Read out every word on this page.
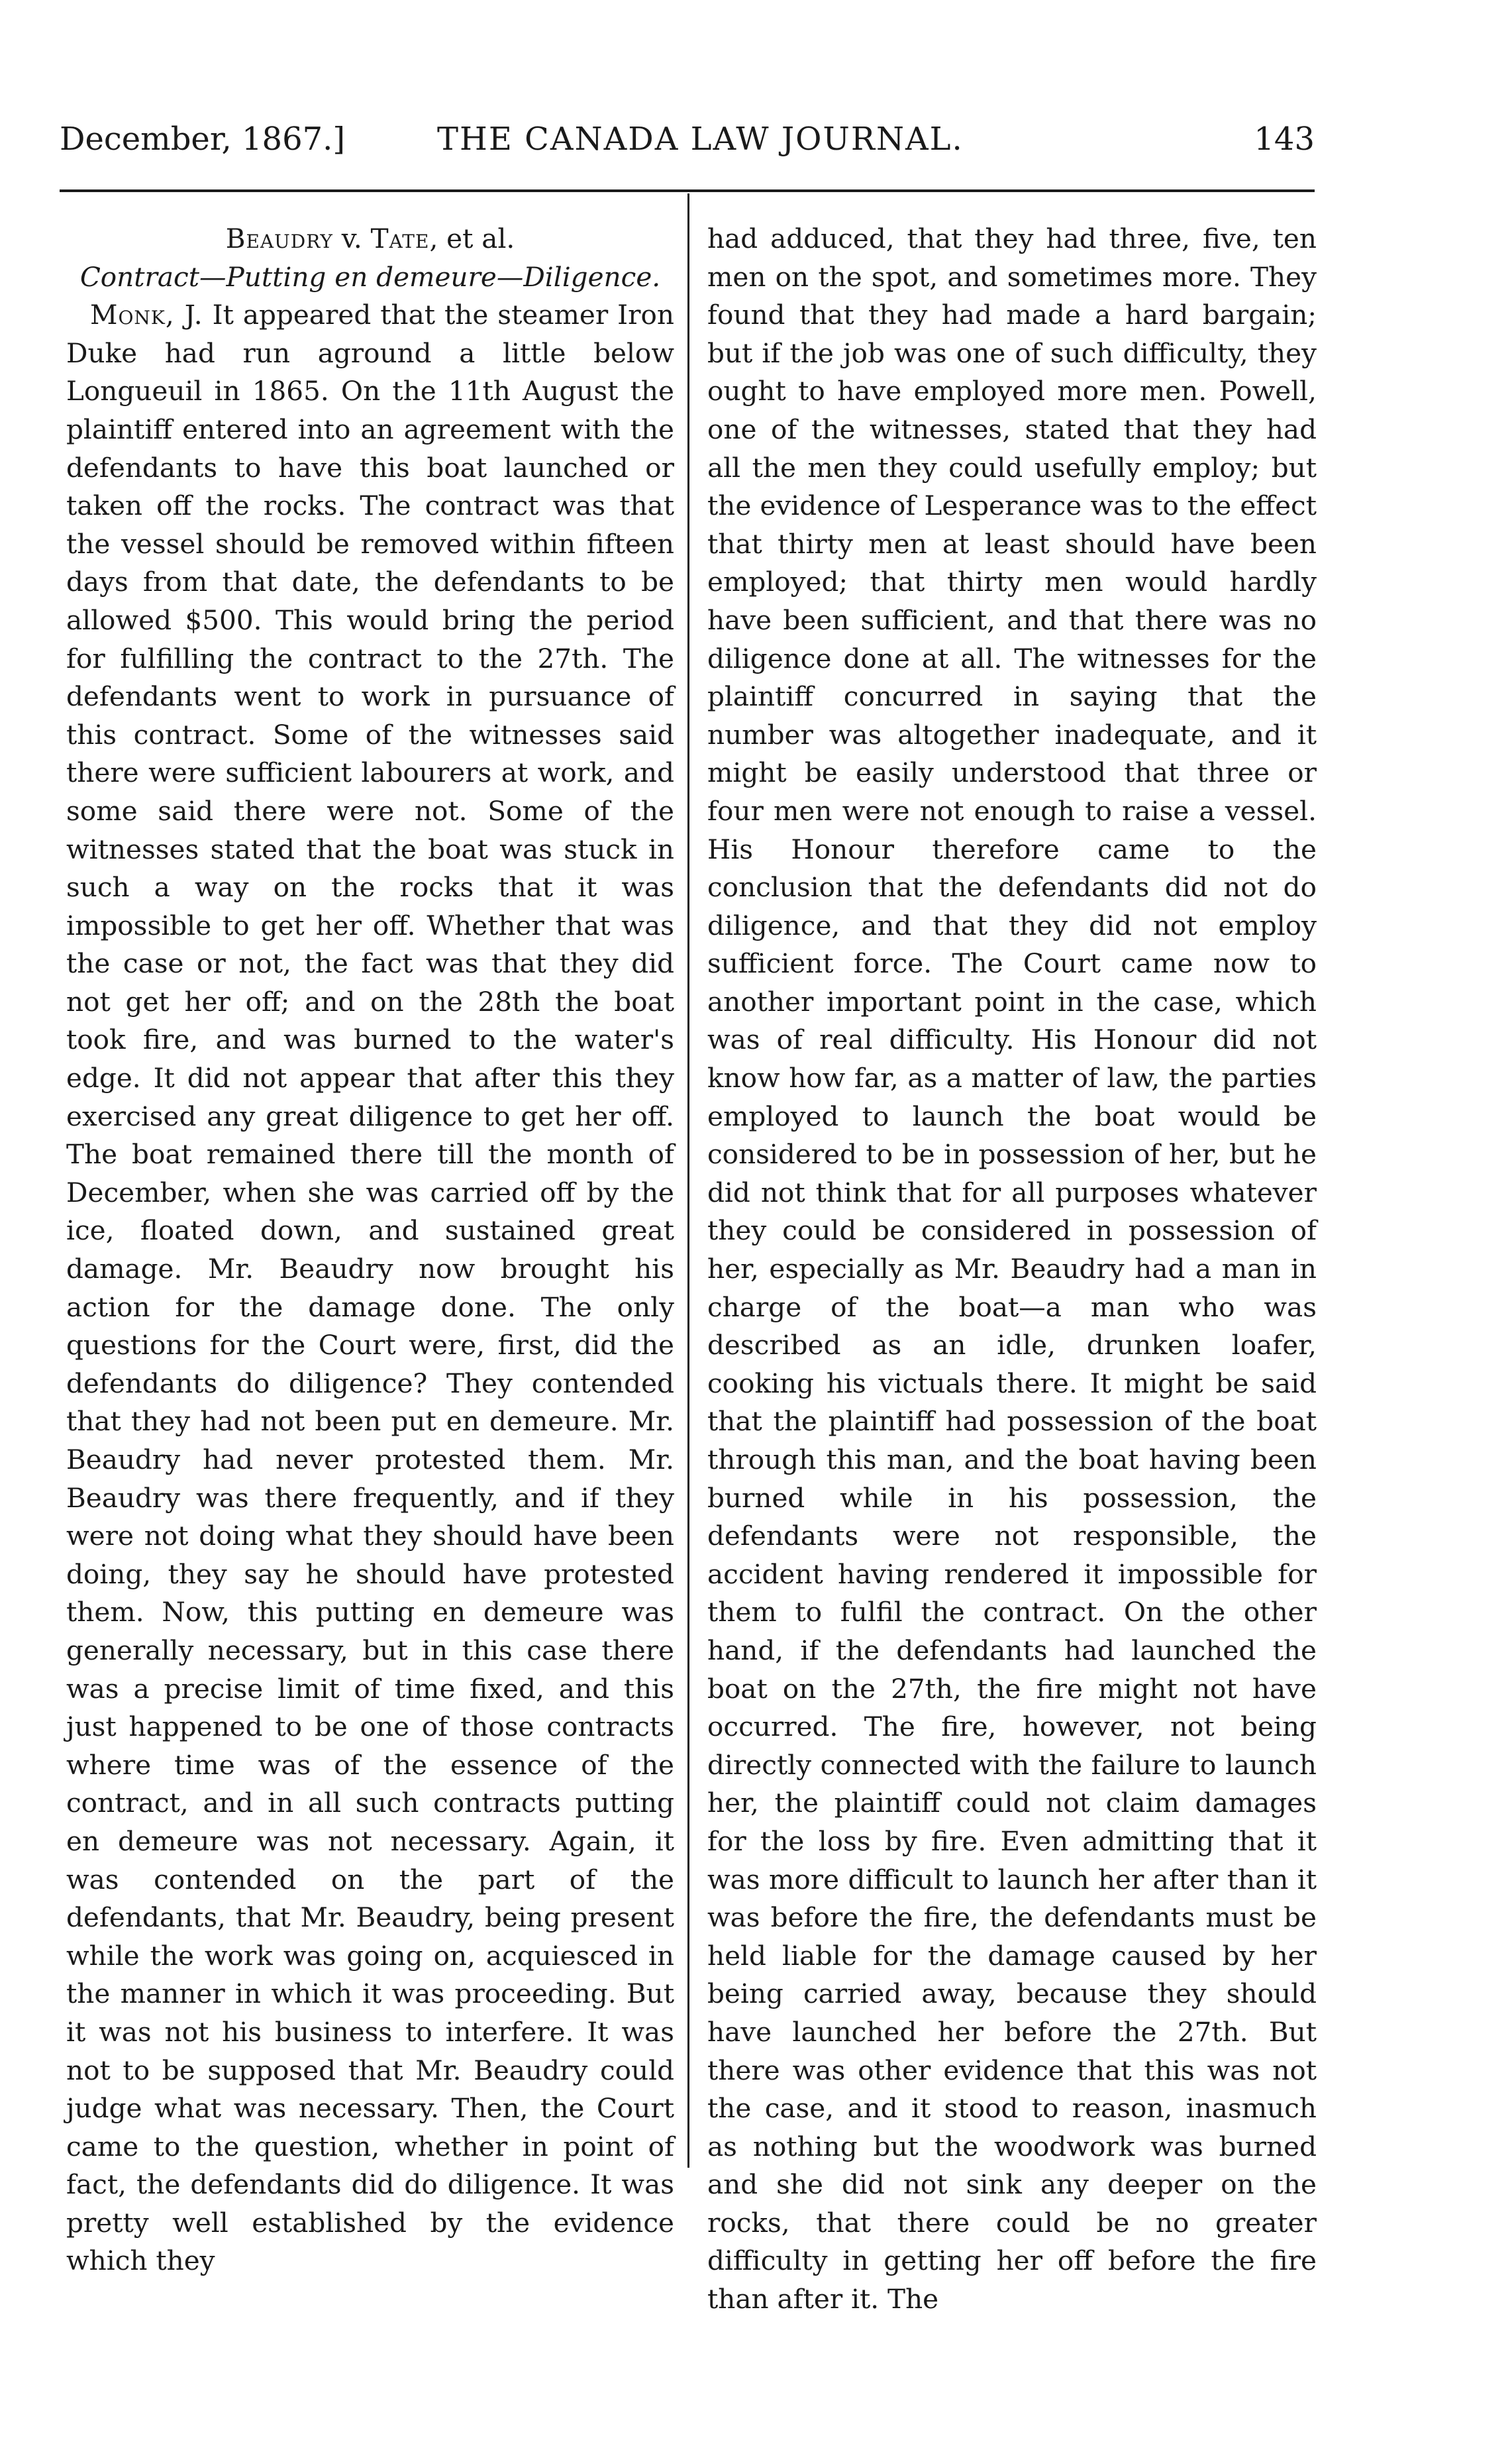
December, 1867.]	THE CANADA LAW JOURNAL.	143

Beaudry v. Tate, et al.

Contract—Putting en demeure—Diligence.

Monk, J. It appeared that the steamer Iron Duke had run aground a little below Longueuil in 1865. On the 11th August the plaintiff entered into an agreement with the defendants to have this boat launched or taken off the rocks. The contract was that the vessel should be removed within fifteen days from that date, the defendants to be allowed $500. This would bring the period for fulfilling the contract to the 27th. The defendants went to work in pursuance of this contract. Some of the witnesses said there were sufficient labourers at work, and some said there were not. Some of the witnesses stated that the boat was stuck in such a way on the rocks that it was impossible to get her off. Whether that was the case or not, the fact was that they did not get her off; and on the 28th the boat took fire, and was burned to the water's edge. It did not appear that after this they exercised any great diligence to get her off. The boat remained there till the month of December, when she was carried off by the ice, floated down, and sustained great damage. Mr. Beaudry now brought his action for the damage done. The only questions for the Court were, first, did the defendants do diligence? They contended that they had not been put en demeure. Mr. Beaudry had never protested them. Mr. Beaudry was there frequently, and if they were not doing what they should have been doing, they say he should have protested them. Now, this putting en demeure was generally necessary, but in this case there was a precise limit of time fixed, and this just happened to be one of those contracts where time was of the essence of the contract, and in all such contracts putting en demeure was not necessary. Again, it was contended on the part of the defendants, that Mr. Beaudry, being present while the work was going on, acquiesced in the manner in which it was proceeding. But it was not his business to interfere. It was not to be supposed that Mr. Beaudry could judge what was necessary. Then, the Court came to the question, whether in point of fact, the defendants did do diligence. It was pretty well established by the evidence which they

had adduced, that they had three, five, ten men on the spot, and sometimes more. They found that they had made a hard bargain; but if the job was one of such difficulty, they ought to have employed more men. Powell, one of the witnesses, stated that they had all the men they could usefully employ; but the evidence of Lesperance was to the effect that thirty men at least should have been employed; that thirty men would hardly have been sufficient, and that there was no diligence done at all. The witnesses for the plaintiff concurred in saying that the number was altogether inadequate, and it might be easily understood that three or four men were not enough to raise a vessel. His Honour therefore came to the conclusion that the defendants did not do diligence, and that they did not employ sufficient force. The Court came now to another important point in the case, which was of real difficulty. His Honour did not know how far, as a matter of law, the parties employed to launch the boat would be considered to be in possession of her, but he did not think that for all purposes whatever they could be considered in possession of her, especially as Mr. Beaudry had a man in charge of the boat—a man who was described as an idle, drunken loafer, cooking his victuals there. It might be said that the plaintiff had possession of the boat through this man, and the boat having been burned while in his possession, the defendants were not responsible, the accident having rendered it impossible for them to fulfil the contract. On the other hand, if the defendants had launched the boat on the 27th, the fire might not have occurred. The fire, however, not being directly connected with the failure to launch her, the plaintiff could not claim damages for the loss by fire. Even admitting that it was more difficult to launch her after than it was before the fire, the defendants must be held liable for the damage caused by her being carried away, because they should have launched her before the 27th. But there was other evidence that this was not the case, and it stood to reason, inasmuch as nothing but the woodwork was burned and she did not sink any deeper on the rocks, that there could be no greater difficulty in getting her off before the fire than after it. The
